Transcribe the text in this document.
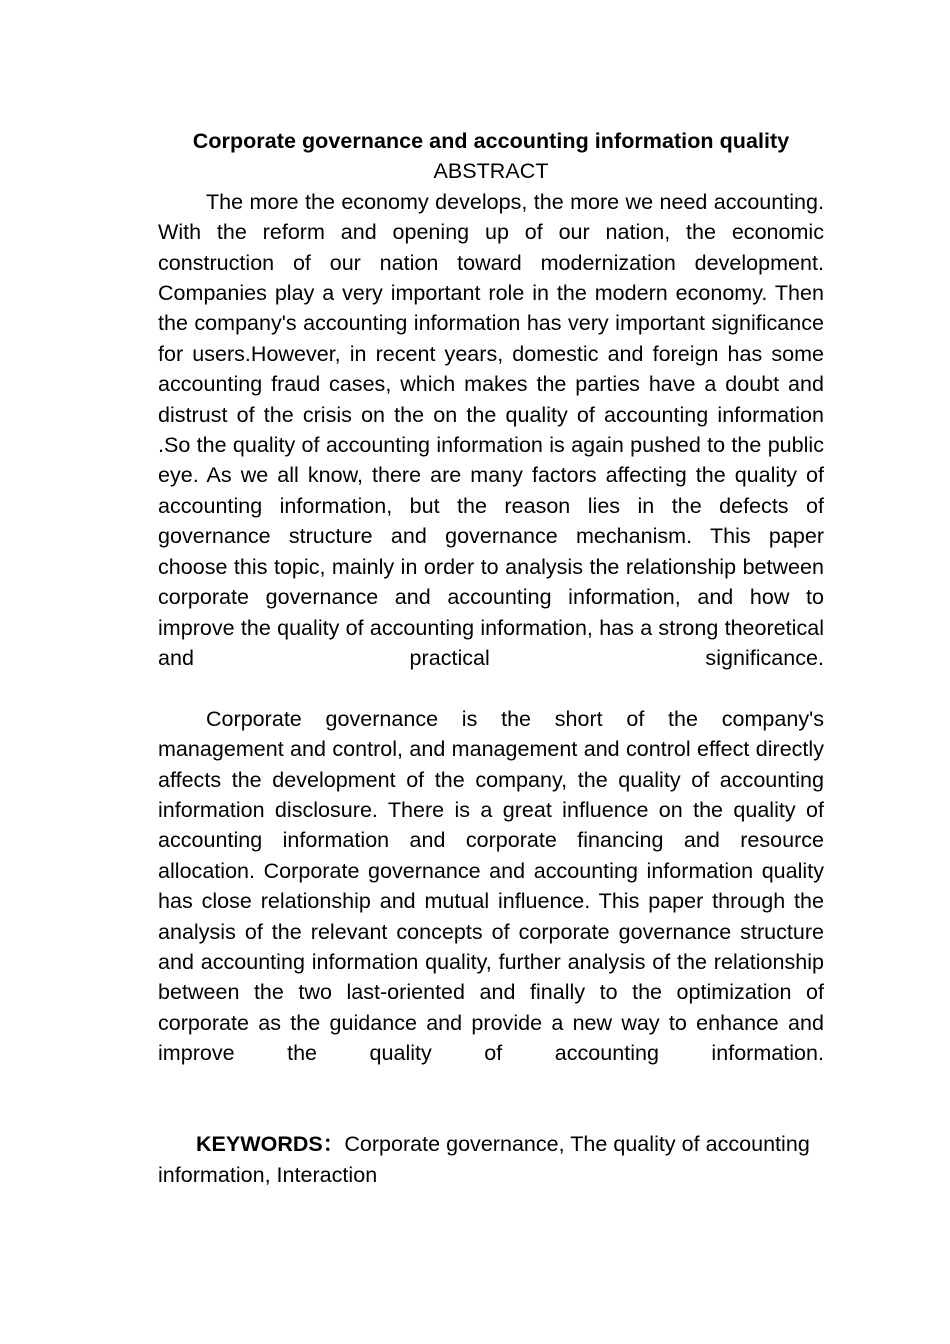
Corporate governance and accounting information quality
ABSTRACT

The more the economy develops, the more we need accounting. With the reform and opening up of our nation, the economic construction of our nation toward modernization development. Companies play a very important role in the modern economy. Then the company's accounting information has very important significance for users.However, in recent years, domestic and foreign has some accounting fraud cases, which makes the parties have a doubt and distrust of the crisis on the on the quality of accounting information .So the quality of accounting information is again pushed to the public eye. As we all know, there are many factors affecting the quality of accounting information, but the reason lies in the defects of governance structure and governance mechanism. This paper choose this topic, mainly in order to analysis the relationship between corporate governance and accounting information, and how to improve the quality of accounting information, has a strong theoretical and practical significance.

Corporate governance is the short of the company's management and control, and management and control effect directly affects the development of the company, the quality of accounting information disclosure. There is a great influence on the quality of accounting information and corporate financing and resource allocation. Corporate governance and accounting information quality has close relationship and mutual influence. This paper through the analysis of the relevant concepts of corporate governance structure and accounting information quality, further analysis of the relationship between the two last-oriented and finally to the optimization of corporate as the guidance and provide a new way to enhance and improve the quality of accounting information.

KEYWORDS：Corporate governance, The quality of accounting information, Interaction
